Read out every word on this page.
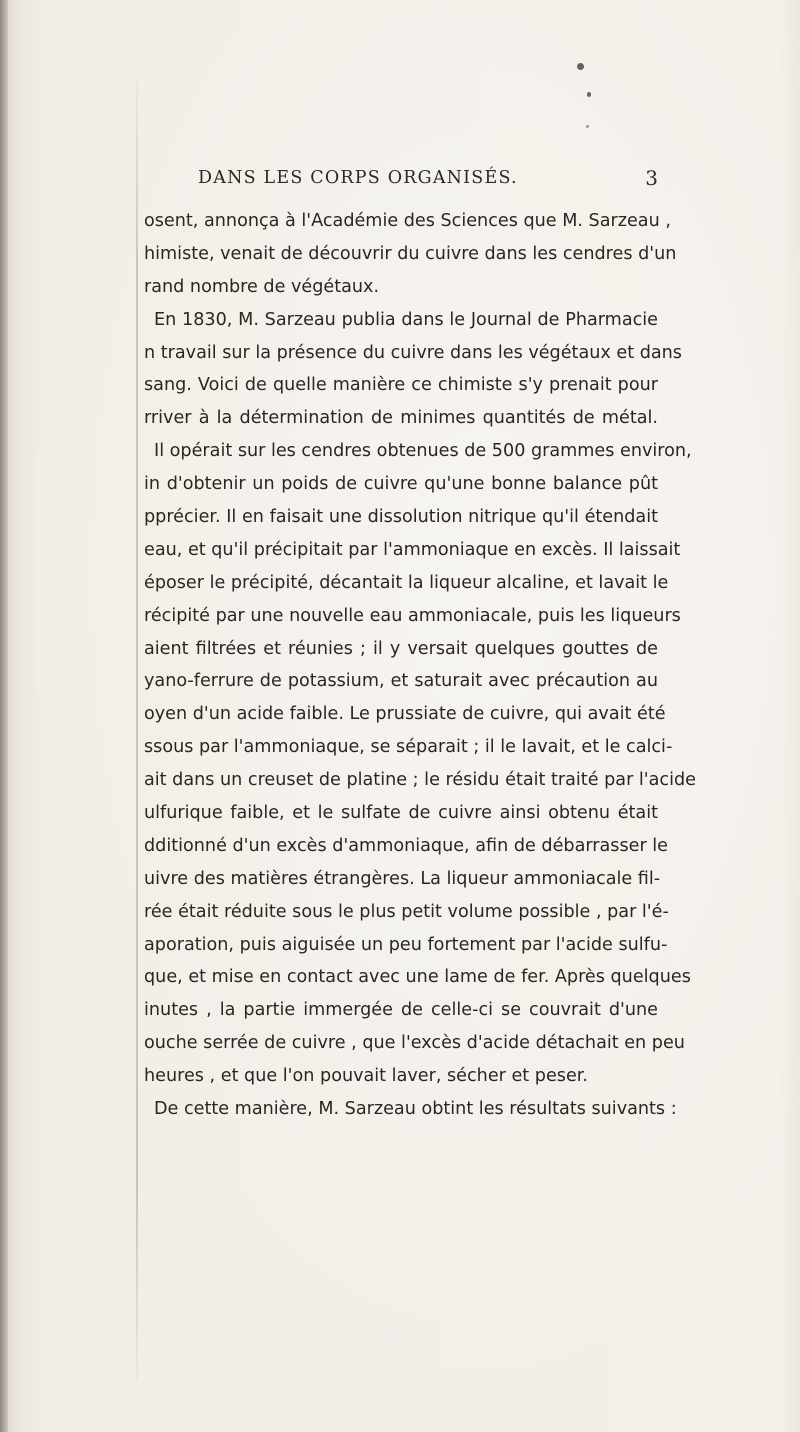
DANS LES CORPS ORGANISÉS.	3
osent, annonça à l'Académie des Sciences que M. Sarzeau ,
himiste, venait de découvrir du cuivre dans les cendres d'un
rand nombre de végétaux.
En 1830, M. Sarzeau publia dans le Journal de Pharmacie
n travail sur la présence du cuivre dans les végétaux et dans
sang. Voici de quelle manière ce chimiste s'y prenait pour
rriver à la détermination de minimes quantités de métal.
Il opérait sur les cendres obtenues de 500 grammes environ,
in d'obtenir un poids de cuivre qu'une bonne balance pût
pprécier. Il en faisait une dissolution nitrique qu'il étendait
eau, et qu'il précipitait par l'ammoniaque en excès. Il laissait
époser le précipité, décantait la liqueur alcaline, et lavait le
récipité par une nouvelle eau ammoniacale, puis les liqueurs
aient filtrées et réunies ; il y versait quelques gouttes de
yano-ferrure de potassium, et saturait avec précaution au
oyen d'un acide faible. Le prussiate de cuivre, qui avait été
ssous par l'ammoniaque, se séparait ; il le lavait, et le calci-
ait dans un creuset de platine ; le résidu était traité par l'acide
ulfurique faible, et le sulfate de cuivre ainsi obtenu était
dditionné d'un excès d'ammoniaque, afin de débarrasser le
uivre des matières étrangères. La liqueur ammoniacale fil-
rée était réduite sous le plus petit volume possible , par l'é-
aporation, puis aiguisée un peu fortement par l'acide sulfu-
que, et mise en contact avec une lame de fer. Après quelques
inutes , la partie immergée de celle-ci se couvrait d'une
ouche serrée de cuivre , que l'excès d'acide détachait en peu
heures , et que l'on pouvait laver, sécher et peser.
De cette manière, M. Sarzeau obtint les résultats suivants :
